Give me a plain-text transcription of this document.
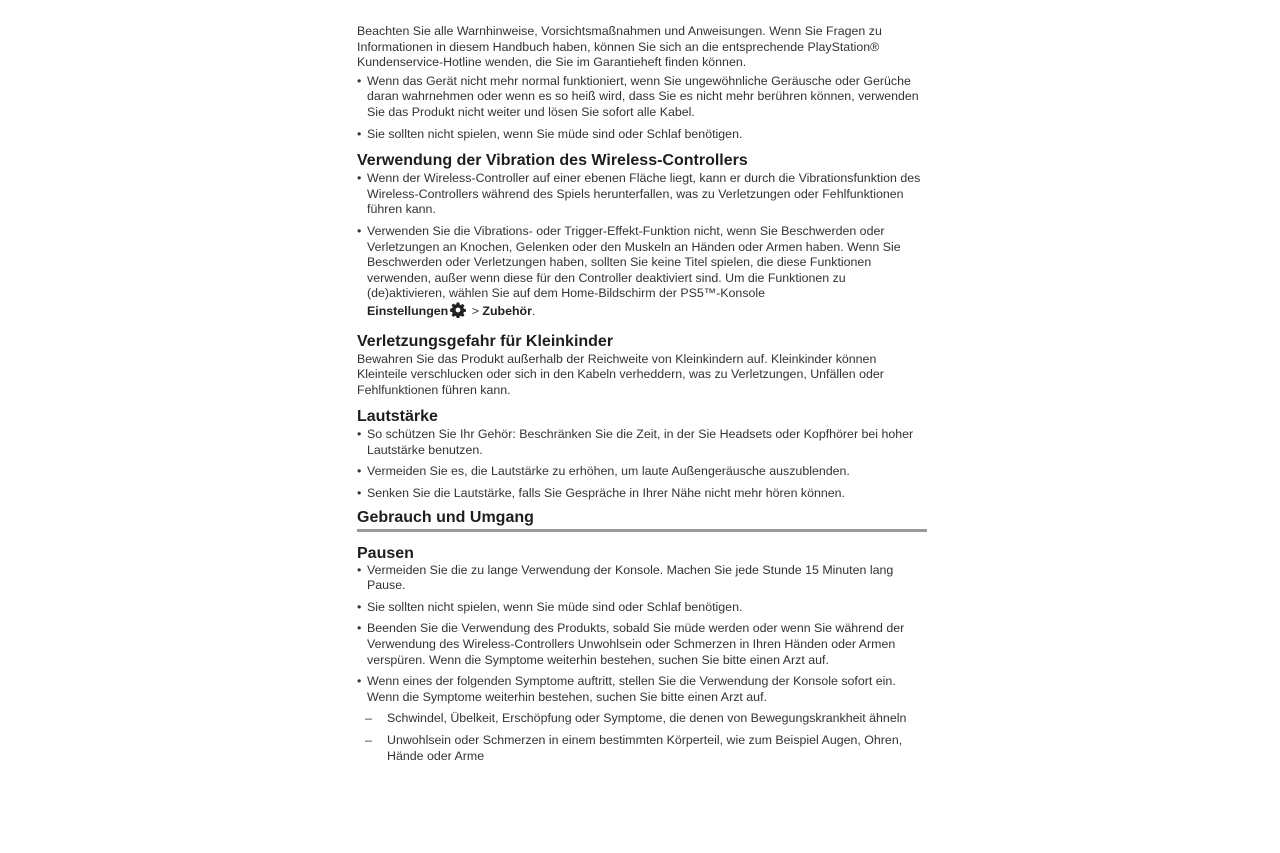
Beachten Sie alle Warnhinweise, Vorsichtsmaßnahmen und Anweisungen. Wenn Sie Fragen zu Informationen in diesem Handbuch haben, können Sie sich an die entsprechende PlayStation® Kundenservice-Hotline wenden, die Sie im Garantieheft finden können.

• Wenn das Gerät nicht mehr normal funktioniert, wenn Sie ungewöhnliche Geräusche oder Gerüche daran wahrnehmen oder wenn es so heiß wird, dass Sie es nicht mehr berühren können, verwenden Sie das Produkt nicht weiter und lösen Sie sofort alle Kabel.
• Sie sollten nicht spielen, wenn Sie müde sind oder Schlaf benötigen.
Verwendung der Vibration des Wireless-Controllers
• Wenn der Wireless-Controller auf einer ebenen Fläche liegt, kann er durch die Vibrationsfunktion des Wireless-Controllers während des Spiels herunterfallen, was zu Verletzungen oder Fehlfunktionen führen kann.
• Verwenden Sie die Vibrations- oder Trigger-Effekt-Funktion nicht, wenn Sie Beschwerden oder Verletzungen an Knochen, Gelenken oder den Muskeln an Händen oder Armen haben. Wenn Sie Beschwerden oder Verletzungen haben, sollten Sie keine Titel spielen, die diese Funktionen verwenden, außer wenn diese für den Controller deaktiviert sind. Um die Funktionen zu (de)aktivieren, wählen Sie auf dem Home-Bildschirm der PS5™-Konsole
Einstellungen > Zubehör.
Verletzungsgefahr für Kleinkinder

Bewahren Sie das Produkt außerhalb der Reichweite von Kleinkindern auf. Kleinkinder können Kleinteile verschlucken oder sich in den Kabeln verheddern, was zu Verletzungen, Unfällen oder Fehlfunktionen führen kann.

Lautstärke
• So schützen Sie Ihr Gehör: Beschränken Sie die Zeit, in der Sie Headsets oder Kopfhörer bei hoher Lautstärke benutzen.
• Vermeiden Sie es, die Lautstärke zu erhöhen, um laute Außengeräusche auszublenden.
• Senken Sie die Lautstärke, falls Sie Gespräche in Ihrer Nähe nicht mehr hören können.
Gebrauch und Umgang
Pausen
• Vermeiden Sie die zu lange Verwendung der Konsole. Machen Sie jede Stunde 15 Minuten lang Pause.
• Sie sollten nicht spielen, wenn Sie müde sind oder Schlaf benötigen.
• Beenden Sie die Verwendung des Produkts, sobald Sie müde werden oder wenn Sie während der Verwendung des Wireless-Controllers Unwohlsein oder Schmerzen in Ihren Händen oder Armen verspüren. Wenn die Symptome weiterhin bestehen, suchen Sie bitte einen Arzt auf.
• Wenn eines der folgenden Symptome auftritt, stellen Sie die Verwendung der Konsole sofort ein. Wenn die Symptome weiterhin bestehen, suchen Sie bitte einen Arzt auf.
– Schwindel, Übelkeit, Erschöpfung oder Symptome, die denen von Bewegungskrankheit ähneln
– Unwohlsein oder Schmerzen in einem bestimmten Körperteil, wie zum Beispiel Augen, Ohren, Hände oder Arme
